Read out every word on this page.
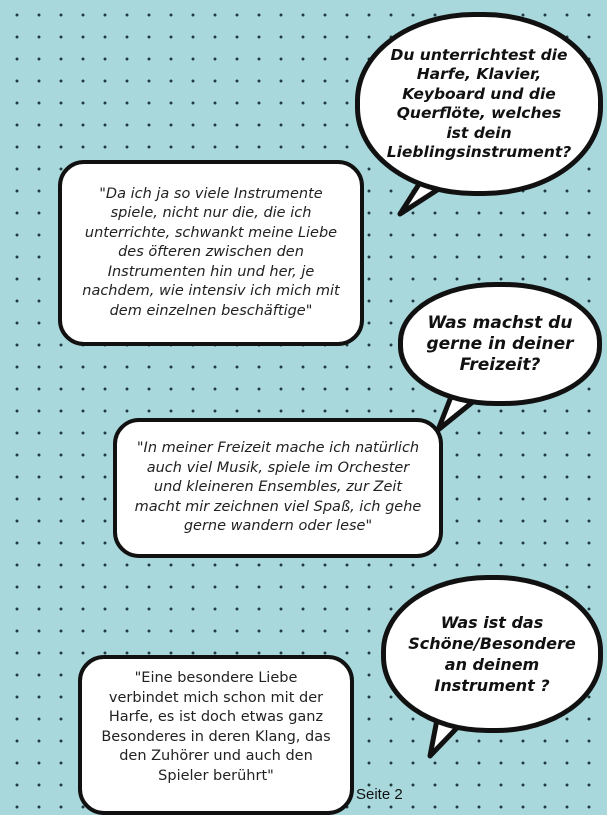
Du unterrichtest die Harfe, Klavier, Keyboard und die Querflöte, welches ist dein Lieblingsinstrument?
"Da ich ja so viele Instrumente spiele, nicht nur die, die ich unterrichte, schwankt meine Liebe des öfteren zwischen den Instrumenten hin und her, je nachdem, wie intensiv ich mich mit dem einzelnen beschäftige"
Was machst du gerne in deiner Freizeit?
"In meiner Freizeit mache ich natürlich auch viel Musik, spiele im Orchester und kleineren Ensembles, zur Zeit macht mir zeichnen viel Spaß, ich gehe gerne wandern oder lese"
Was ist das Schöne/Besondere an deinem Instrument ?
"Eine besondere Liebe verbindet mich schon mit der Harfe, es ist doch etwas ganz Besonderes in deren Klang, das den Zuhörer und auch den Spieler berührt"
Seite 2
